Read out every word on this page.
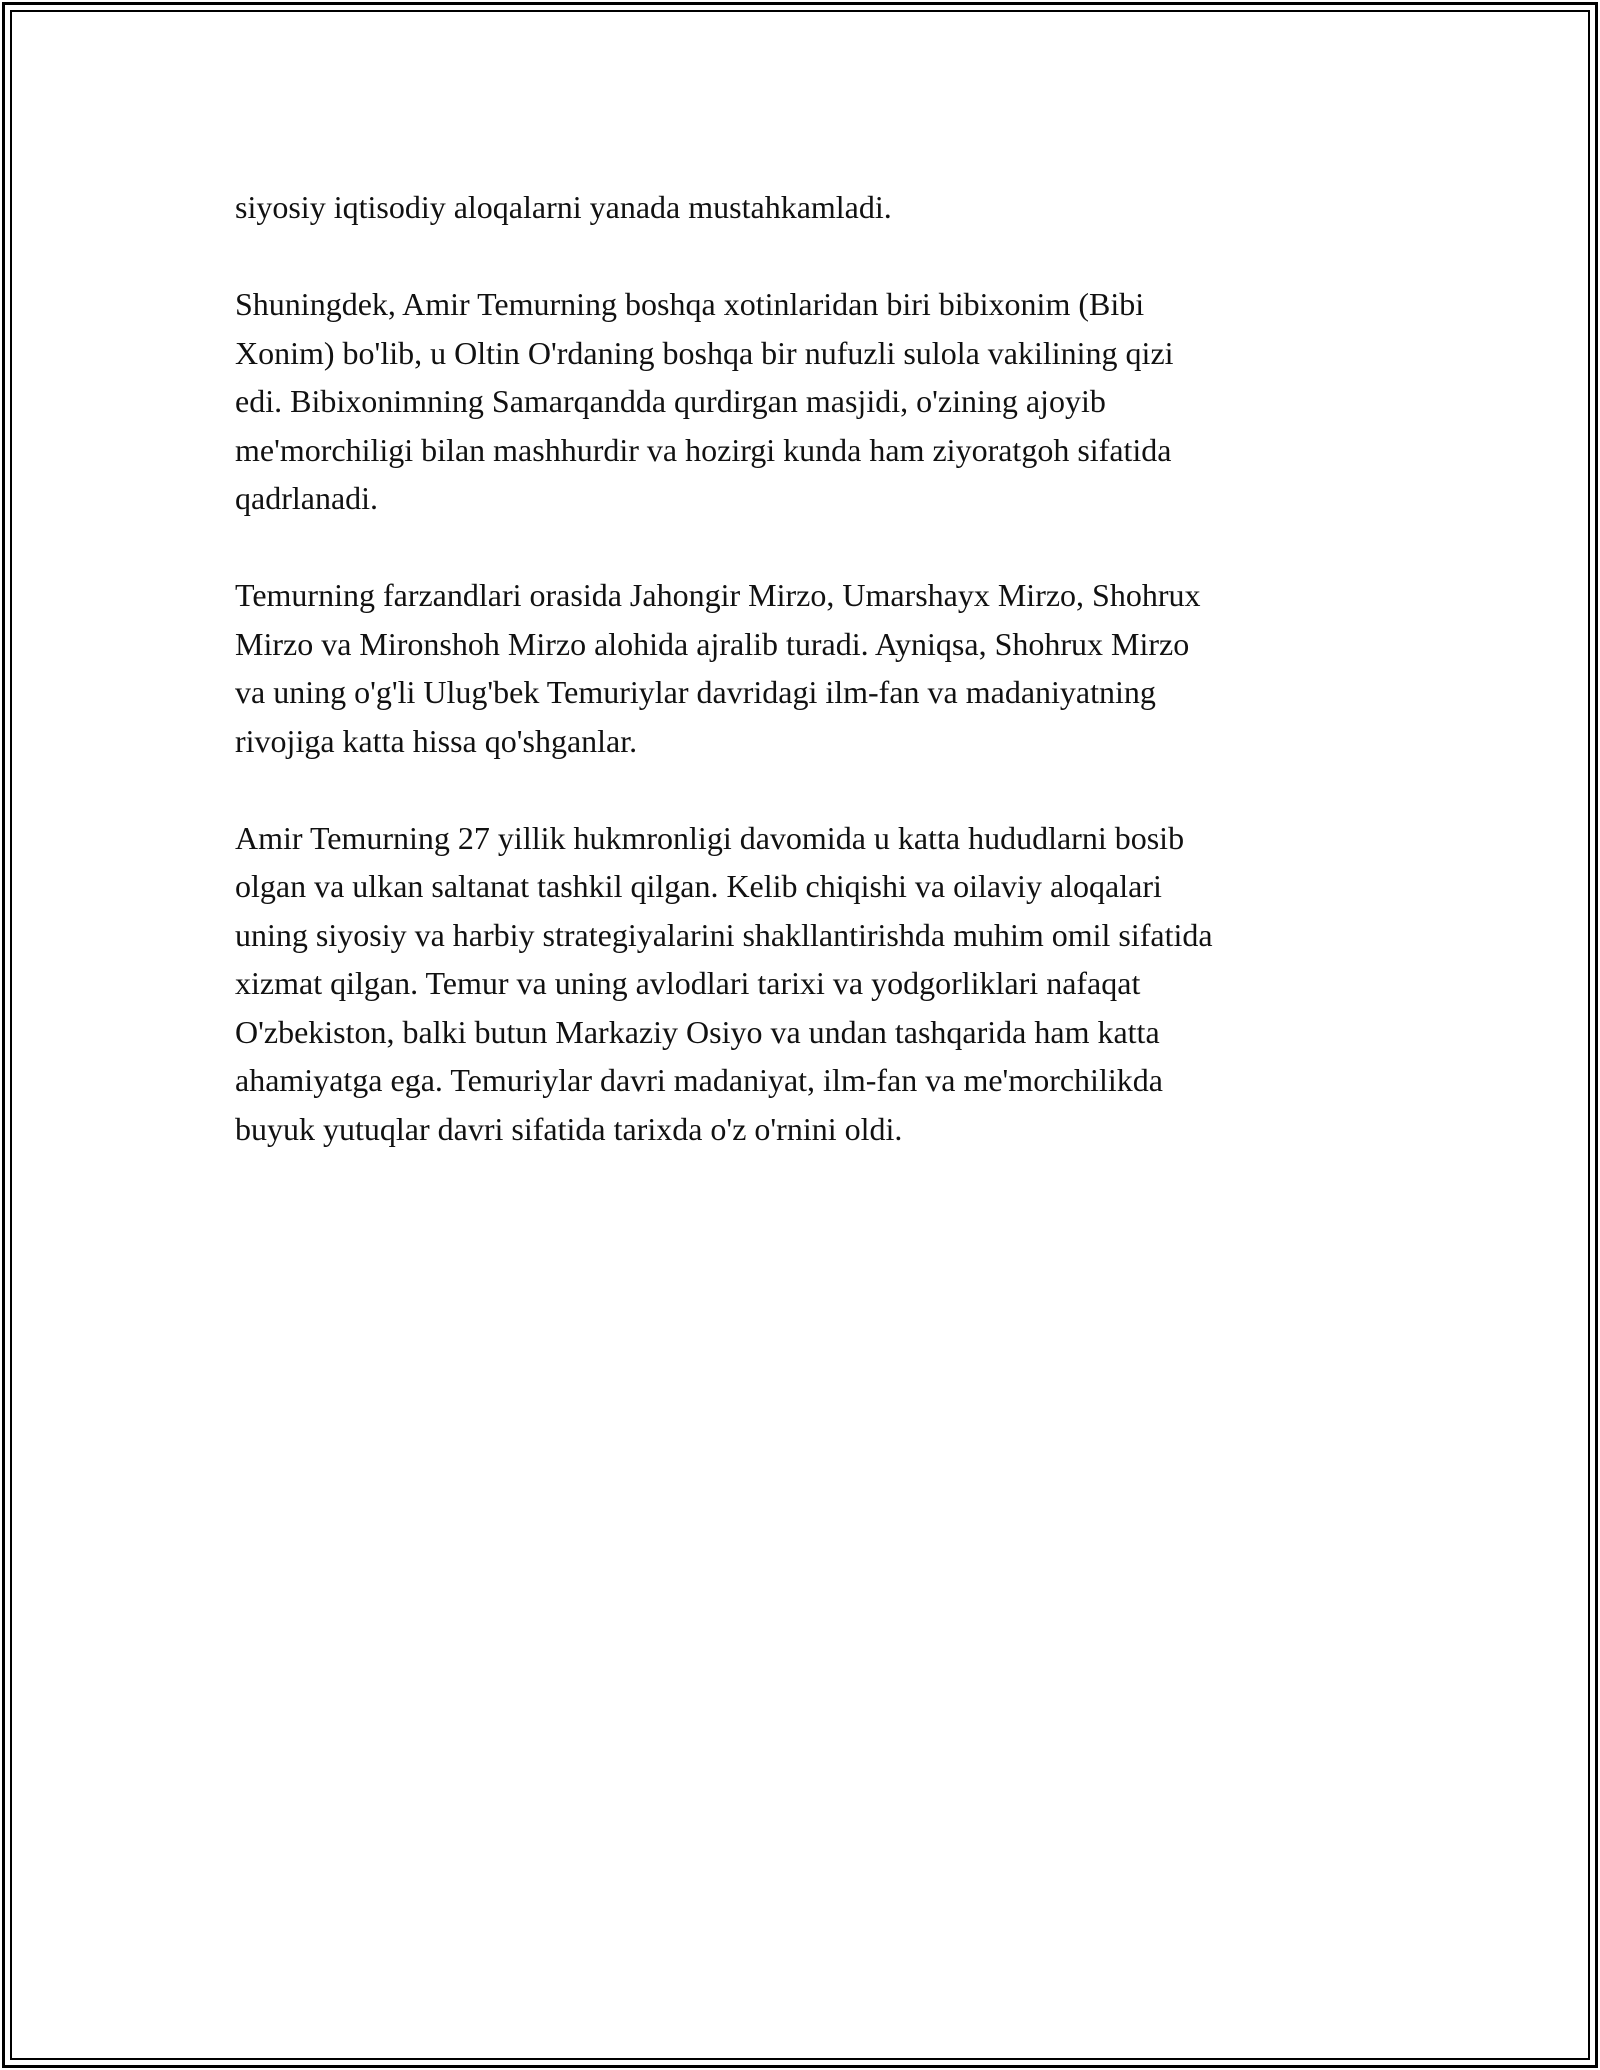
siyosiy iqtisodiy aloqalarni yanada mustahkamladi.

Shuningdek, Amir Temurning boshqa xotinlaridan biri bibixonim (Bibi
Xonim) bo'lib, u Oltin O'rdaning boshqa bir nufuzli sulola vakilining qizi
edi. Bibixonimning Samarqandda qurdirgan masjidi, o'zining ajoyib
me'morchiligi bilan mashhurdir va hozirgi kunda ham ziyoratgoh sifatida
qadrlanadi.

Temurning farzandlari orasida Jahongir Mirzo, Umarshayx Mirzo, Shohrux
Mirzo va Mironshoh Mirzo alohida ajralib turadi. Ayniqsa, Shohrux Mirzo
va uning o'g'li Ulug'bek Temuriylar davridagi ilm-fan va madaniyatning
rivojiga katta hissa qo'shganlar.

Amir Temurning 27 yillik hukmronligi davomida u katta hududlarni bosib
olgan va ulkan saltanat tashkil qilgan. Kelib chiqishi va oilaviy aloqalari
uning siyosiy va harbiy strategiyalarini shakllantirishda muhim omil sifatida
xizmat qilgan. Temur va uning avlodlari tarixi va yodgorliklari nafaqat
O'zbekiston, balki butun Markaziy Osiyo va undan tashqarida ham katta
ahamiyatga ega. Temuriylar davri madaniyat, ilm-fan va me'morchilikda
buyuk yutuqlar davri sifatida tarixda o'z o'rnini oldi.
